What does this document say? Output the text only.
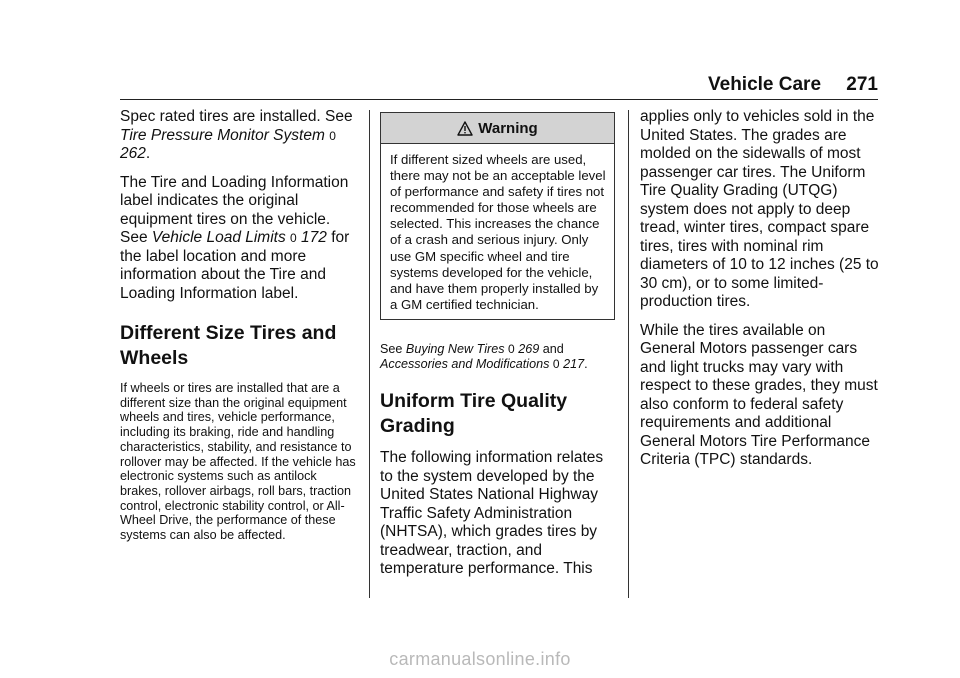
Vehicle Care 271

Spec rated tires are installed. See Tire Pressure Monitor System 0 262.

The Tire and Loading Information label indicates the original equipment tires on the vehicle. See Vehicle Load Limits 0 172 for the label location and more information about the Tire and Loading Information label.

Different Size Tires and Wheels

If wheels or tires are installed that are a different size than the original equipment wheels and tires, vehicle performance, including its braking, ride and handling characteristics, stability, and resistance to rollover may be affected. If the vehicle has electronic systems such as antilock brakes, rollover airbags, roll bars, traction control, electronic stability control, or All-Wheel Drive, the performance of these systems can also be affected.

Warning
If different sized wheels are used, there may not be an acceptable level of performance and safety if tires not recommended for those wheels are selected. This increases the chance of a crash and serious injury. Only use GM specific wheel and tire systems developed for the vehicle, and have them properly installed by a GM certified technician.

See Buying New Tires 0 269 and Accessories and Modifications 0 217.

Uniform Tire Quality Grading

The following information relates to the system developed by the United States National Highway Traffic Safety Administration (NHTSA), which grades tires by treadwear, traction, and temperature performance. This

applies only to vehicles sold in the United States. The grades are molded on the sidewalls of most passenger car tires. The Uniform Tire Quality Grading (UTQG) system does not apply to deep tread, winter tires, compact spare tires, tires with nominal rim diameters of 10 to 12 inches (25 to 30 cm), or to some limited-production tires.

While the tires available on General Motors passenger cars and light trucks may vary with respect to these grades, they must also conform to federal safety requirements and additional General Motors Tire Performance Criteria (TPC) standards.

carmanualsonline.info
